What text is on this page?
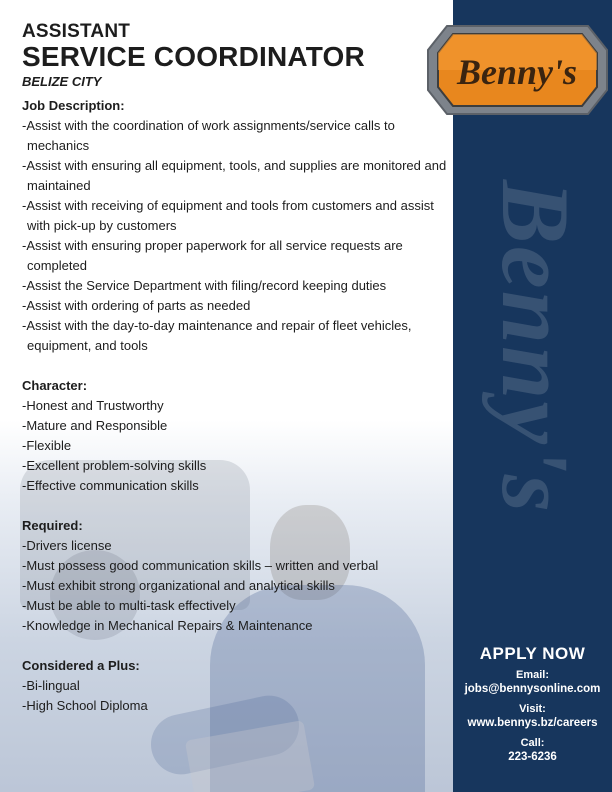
Benny's
Benny's
ASSISTANT
SERVICE COORDINATOR
BELIZE CITY
Job Description:
-Assist with the coordination of work assignments/service calls to mechanics
-Assist with ensuring all equipment, tools, and supplies are monitored and maintained
-Assist with receiving of equipment and tools from customers and assist with pick-up by customers
-Assist with ensuring proper paperwork for all service requests are completed
-Assist the Service Department with filing/record keeping duties
-Assist with ordering of parts as needed
-Assist with the day-to-day maintenance and repair of fleet vehicles, equipment, and tools
Character:
-Honest and Trustworthy
-Mature and Responsible
-Flexible
-Excellent problem-solving skills
-Effective communication skills
Required:
-Drivers license
-Must possess good communication skills – written and verbal
-Must exhibit strong organizational and analytical skills
-Must be able to multi-task effectively
-Knowledge in Mechanical Repairs & Maintenance
Considered a Plus:
-Bi-lingual
-High School Diploma
APPLY NOW
Email:
jobs@bennysonline.com
Visit:
www.bennys.bz/careers
Call:
223-6236
